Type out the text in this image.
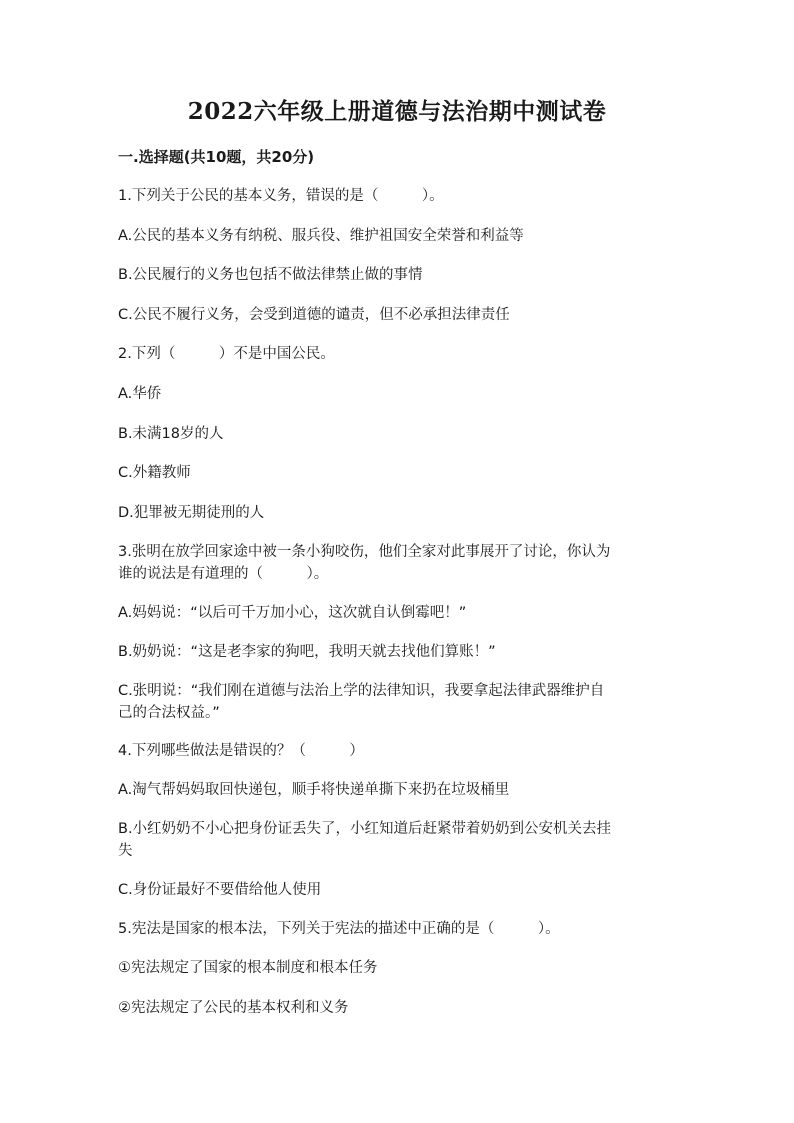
2022六年级上册道德与法治期中测试卷
一.选择题(共10题，共20分)
1.下列关于公民的基本义务，错误的是（　　　）。
A.公民的基本义务有纳税、服兵役、维护祖国安全荣誉和利益等
B.公民履行的义务也包括不做法律禁止做的事情
C.公民不履行义务，会受到道德的谴责，但不必承担法律责任
2.下列（　　　）不是中国公民。
A.华侨
B.未满18岁的人
C.外籍教师
D.犯罪被无期徒刑的人
3.张明在放学回家途中被一条小狗咬伤，他们全家对此事展开了讨论，你认为
谁的说法是有道理的（　　　）。
A.妈妈说：“以后可千万加小心，这次就自认倒霉吧！”
B.奶奶说：“这是老李家的狗吧，我明天就去找他们算账！”
C.张明说：“我们刚在道德与法治上学的法律知识，我要拿起法律武器维护自
己的合法权益。”
4.下列哪些做法是错误的？（　　　）
A.淘气帮妈妈取回快递包，顺手将快递单撕下来扔在垃圾桶里
B.小红奶奶不小心把身份证丢失了，小红知道后赶紧带着奶奶到公安机关去挂
失
C.身份证最好不要借给他人使用
5.宪法是国家的根本法，下列关于宪法的描述中正确的是（　　　）。
①宪法规定了国家的根本制度和根本任务
②宪法规定了公民的基本权利和义务
